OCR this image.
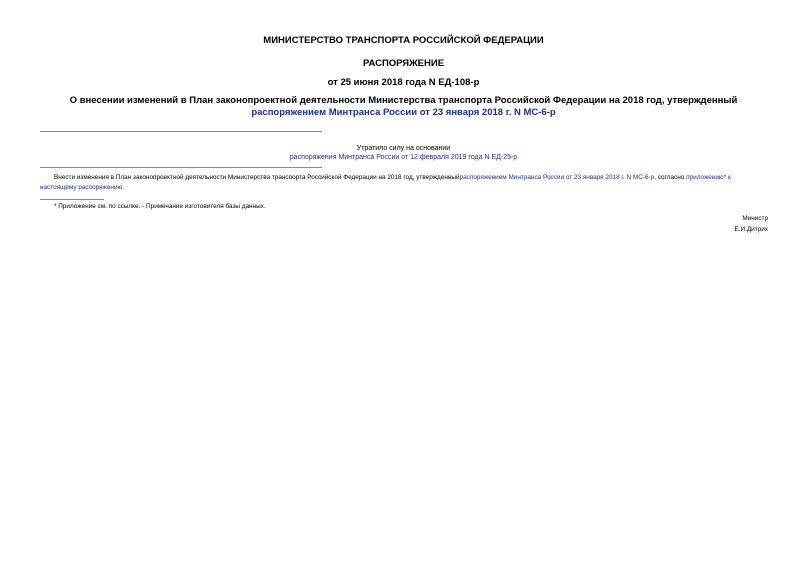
МИНИСТЕРСТВО ТРАНСПОРТА РОССИЙСКОЙ ФЕДЕРАЦИИ
РАСПОРЯЖЕНИЕ
от 25 июня 2018 года N ЕД-108-р
О внесении изменений в План законопроектной деятельности Министерства транспорта Российской Федерации на 2018 год, утвержденный распоряжением Минтранса России от 23 января 2018 г. N МС-6-р
Утратило силу на основании
распоряжения Минтранса России от 12 февраля 2019 года N ЕД-25-р
Внести изменения в План законопроектной деятельности Министерства транспорта Российской Федерации на 2018 год, утвержденныйраспоряжением Минтранса России от 23 января 2018 г. N МС-6-р, согласно приложению* к настоящему распоряжению.
* Приложение см. по ссылке. - Примечание изготовителя базы данных.
Министр
Е.И.Дитрих
